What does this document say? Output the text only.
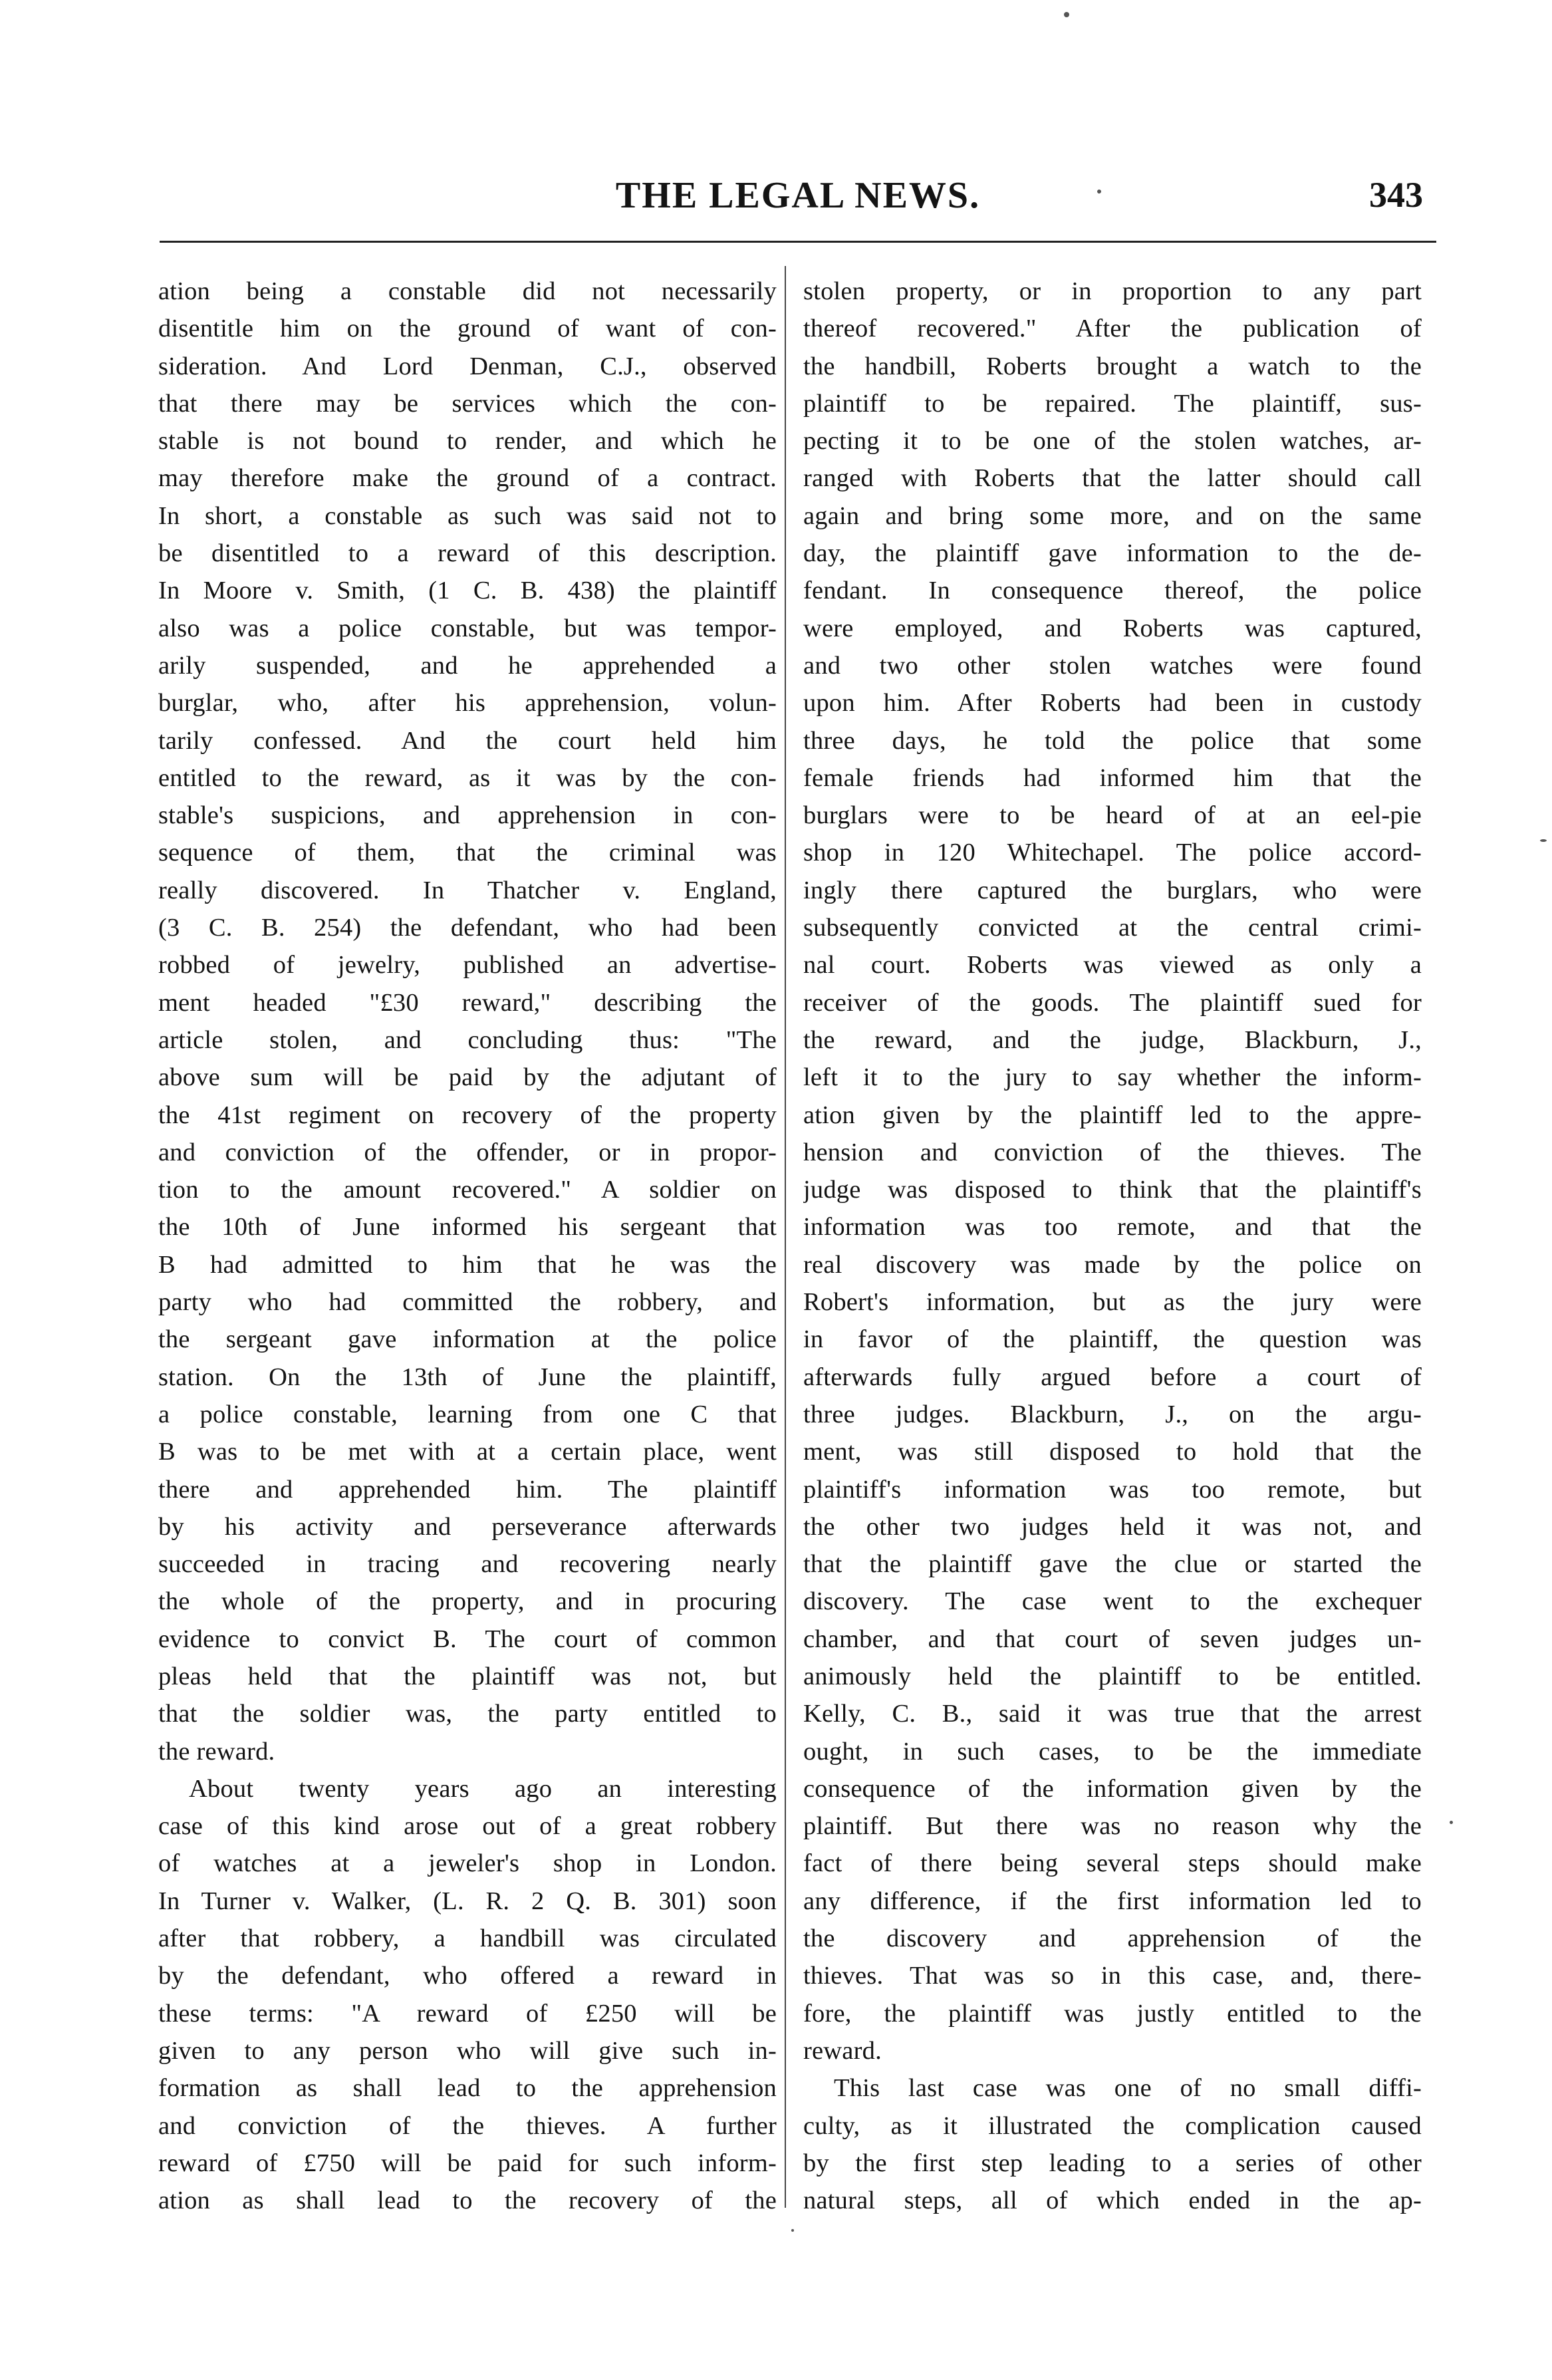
THE LEGAL NEWS.	343
ation being a constable did not necessarily
disentitle him on the ground of want of con-
sideration. And Lord Denman, C.J., observed
that there may be services which the con-
stable is not bound to render, and which he
may therefore make the ground of a contract.
In short, a constable as such was said not to
be disentitled to a reward of this description.
In Moore v. Smith, (1 C. B. 438) the plaintiff
also was a police constable, but was tempor-
arily suspended, and he apprehended a
burglar, who, after his apprehension, volun-
tarily confessed. And the court held him
entitled to the reward, as it was by the con-
stable's suspicions, and apprehension in con-
sequence of them, that the criminal was
really discovered. In Thatcher v. England,
(3 C. B. 254) the defendant, who had been
robbed of jewelry, published an advertise-
ment headed "£30 reward," describing the
article stolen, and concluding thus: "The
above sum will be paid by the adjutant of
the 41st regiment on recovery of the property
and conviction of the offender, or in propor-
tion to the amount recovered." A soldier on
the 10th of June informed his sergeant that
B had admitted to him that he was the
party who had committed the robbery, and
the sergeant gave information at the police
station. On the 13th of June the plaintiff,
a police constable, learning from one C that
B was to be met with at a certain place, went
there and apprehended him. The plaintiff
by his activity and perseverance afterwards
succeeded in tracing and recovering nearly
the whole of the property, and in procuring
evidence to convict B. The court of common
pleas held that the plaintiff was not, but
that the soldier was, the party entitled to
the reward.
About twenty years ago an interesting
case of this kind arose out of a great robbery
of watches at a jeweler's shop in London.
In Turner v. Walker, (L. R. 2 Q. B. 301) soon
after that robbery, a handbill was circulated
by the defendant, who offered a reward in
these terms: "A reward of £250 will be
given to any person who will give such in-
formation as shall lead to the apprehension
and conviction of the thieves. A further
reward of £750 will be paid for such inform-
ation as shall lead to the recovery of the
stolen property, or in proportion to any part
thereof recovered." After the publication of
the handbill, Roberts brought a watch to the
plaintiff to be repaired. The plaintiff, sus-
pecting it to be one of the stolen watches, ar-
ranged with Roberts that the latter should call
again and bring some more, and on the same
day, the plaintiff gave information to the de-
fendant. In consequence thereof, the police
were employed, and Roberts was captured,
and two other stolen watches were found
upon him. After Roberts had been in custody
three days, he told the police that some
female friends had informed him that the
burglars were to be heard of at an eel-pie
shop in 120 Whitechapel. The police accord-
ingly there captured the burglars, who were
subsequently convicted at the central crimi-
nal court. Roberts was viewed as only a
receiver of the goods. The plaintiff sued for
the reward, and the judge, Blackburn, J.,
left it to the jury to say whether the inform-
ation given by the plaintiff led to the appre-
hension and conviction of the thieves. The
judge was disposed to think that the plaintiff's
information was too remote, and that the
real discovery was made by the police on
Robert's information, but as the jury were
in favor of the plaintiff, the question was
afterwards fully argued before a court of
three judges. Blackburn, J., on the argu-
ment, was still disposed to hold that the
plaintiff's information was too remote, but
the other two judges held it was not, and
that the plaintiff gave the clue or started the
discovery. The case went to the exchequer
chamber, and that court of seven judges un-
animously held the plaintiff to be entitled.
Kelly, C. B., said it was true that the arrest
ought, in such cases, to be the immediate
consequence of the information given by the
plaintiff. But there was no reason why the
fact of there being several steps should make
any difference, if the first information led to
the discovery and apprehension of the
thieves. That was so in this case, and, there-
fore, the plaintiff was justly entitled to the
reward.
This last case was one of no small diffi-
culty, as it illustrated the complication caused
by the first step leading to a series of other
natural steps, all of which ended in the ap-
